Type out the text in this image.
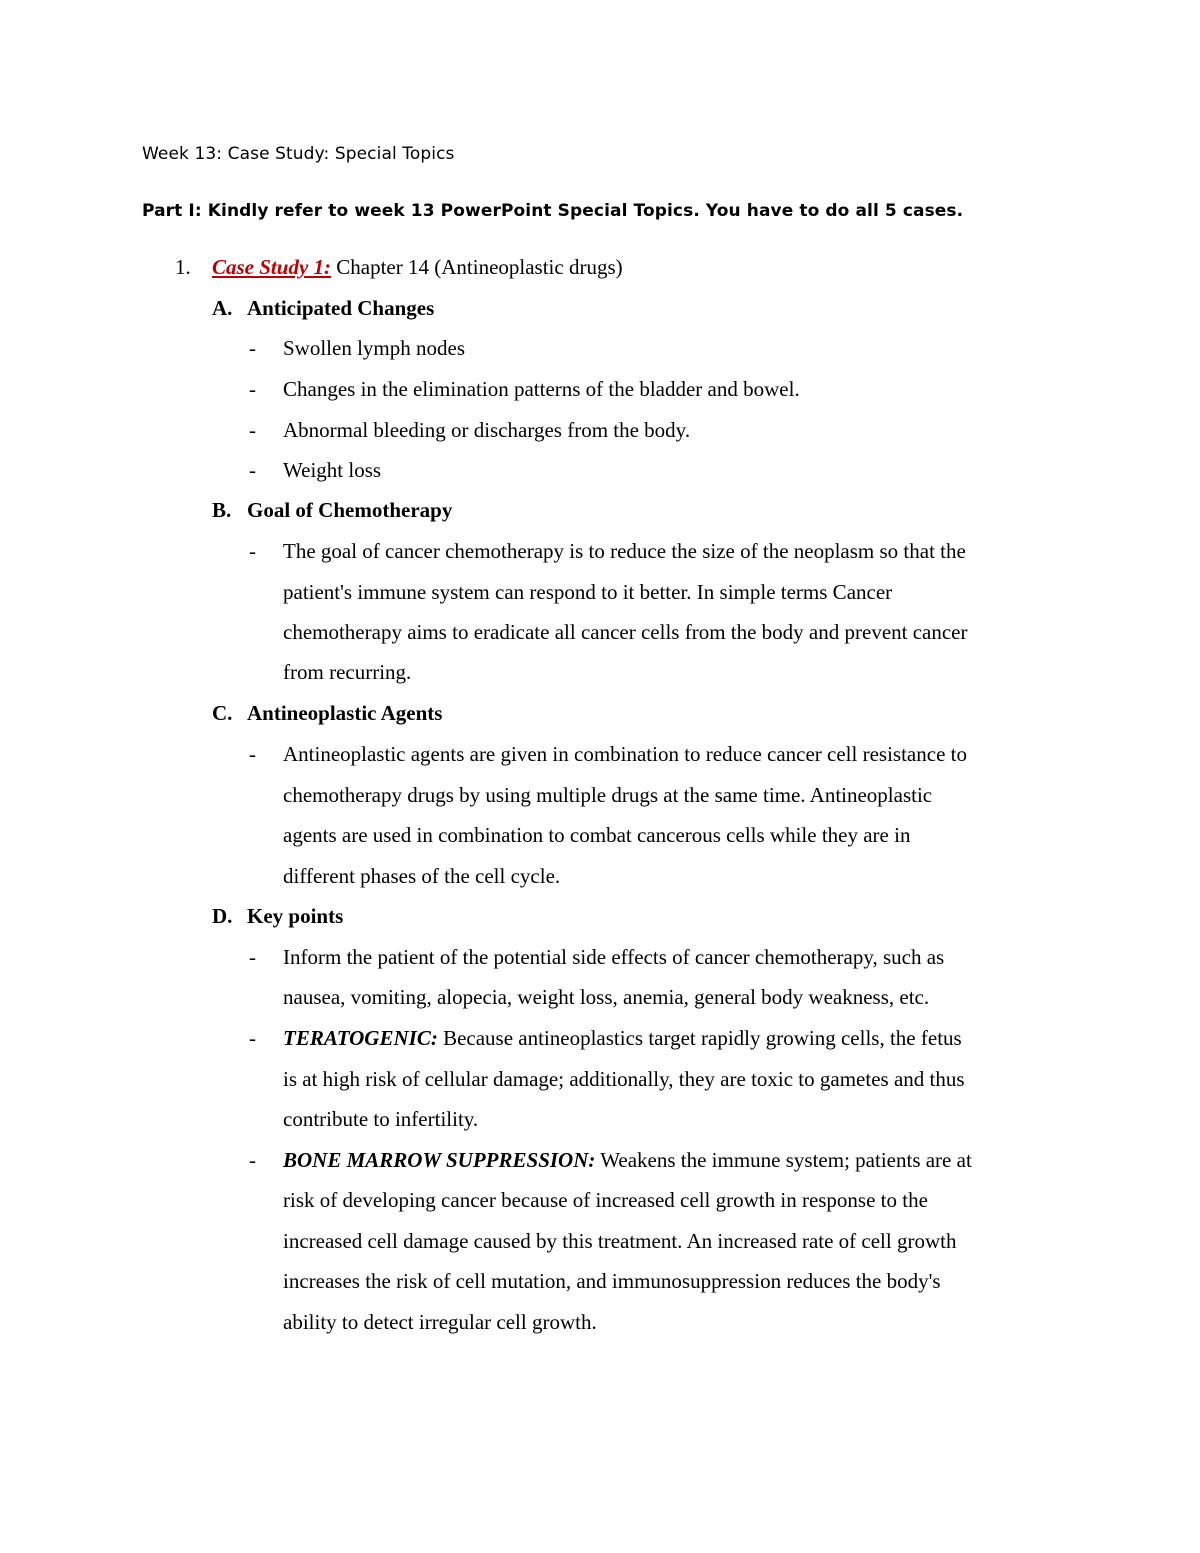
Week 13: Case Study: Special Topics
Part I: Kindly refer to week 13 PowerPoint Special Topics. You have to do all 5 cases.
1. Case Study 1: Chapter 14 (Antineoplastic drugs)
A. Anticipated Changes
- Swollen lymph nodes
- Changes in the elimination patterns of the bladder and bowel.
- Abnormal bleeding or discharges from the body.
- Weight loss
B. Goal of Chemotherapy
- The goal of cancer chemotherapy is to reduce the size of the neoplasm so that the
patient's immune system can respond to it better. In simple terms Cancer
chemotherapy aims to eradicate all cancer cells from the body and prevent cancer
from recurring.
C. Antineoplastic Agents
- Antineoplastic agents are given in combination to reduce cancer cell resistance to
chemotherapy drugs by using multiple drugs at the same time. Antineoplastic
agents are used in combination to combat cancerous cells while they are in
different phases of the cell cycle.
D. Key points
- Inform the patient of the potential side effects of cancer chemotherapy, such as
nausea, vomiting, alopecia, weight loss, anemia, general body weakness, etc.
- TERATOGENIC: Because antineoplastics target rapidly growing cells, the fetus
is at high risk of cellular damage; additionally, they are toxic to gametes and thus
contribute to infertility.
- BONE MARROW SUPPRESSION: Weakens the immune system; patients are at
risk of developing cancer because of increased cell growth in response to the
increased cell damage caused by this treatment. An increased rate of cell growth
increases the risk of cell mutation, and immunosuppression reduces the body's
ability to detect irregular cell growth.
